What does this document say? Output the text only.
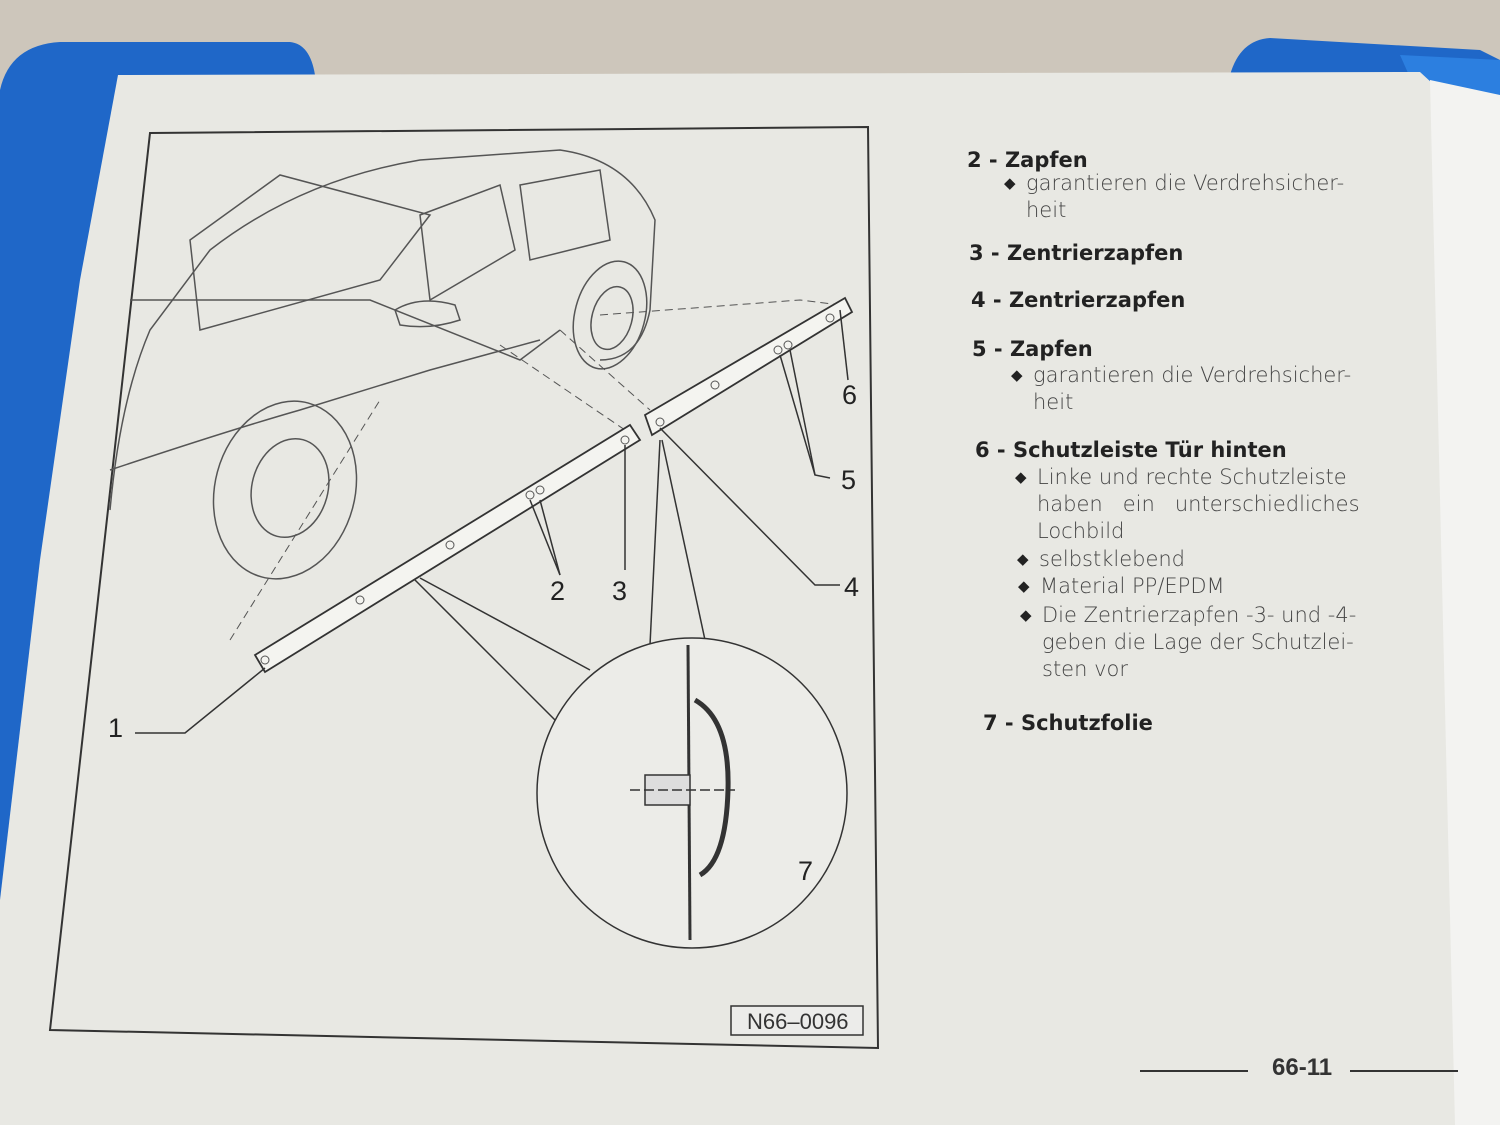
1
2 3	4
5
6
7
N66–0096
2 - Zapfen
◆ garantieren die Verdrehsicher-
heit
3 - Zentrierzapfen
4 - Zentrierzapfen
5 - Zapfen
◆ garantieren die Verdrehsicher-
heit
6 - Schutzleiste Tür hinten
◆ Linke und rechte Schutzleiste
haben   ein   unterschiedliches
Lochbild
◆ selbstklebend
◆ Material PP/EPDM
◆ Die Zentrierzapfen -3- und -4-
geben die Lage der Schutzlei-
sten vor
7 - Schutzfolie
66-11
